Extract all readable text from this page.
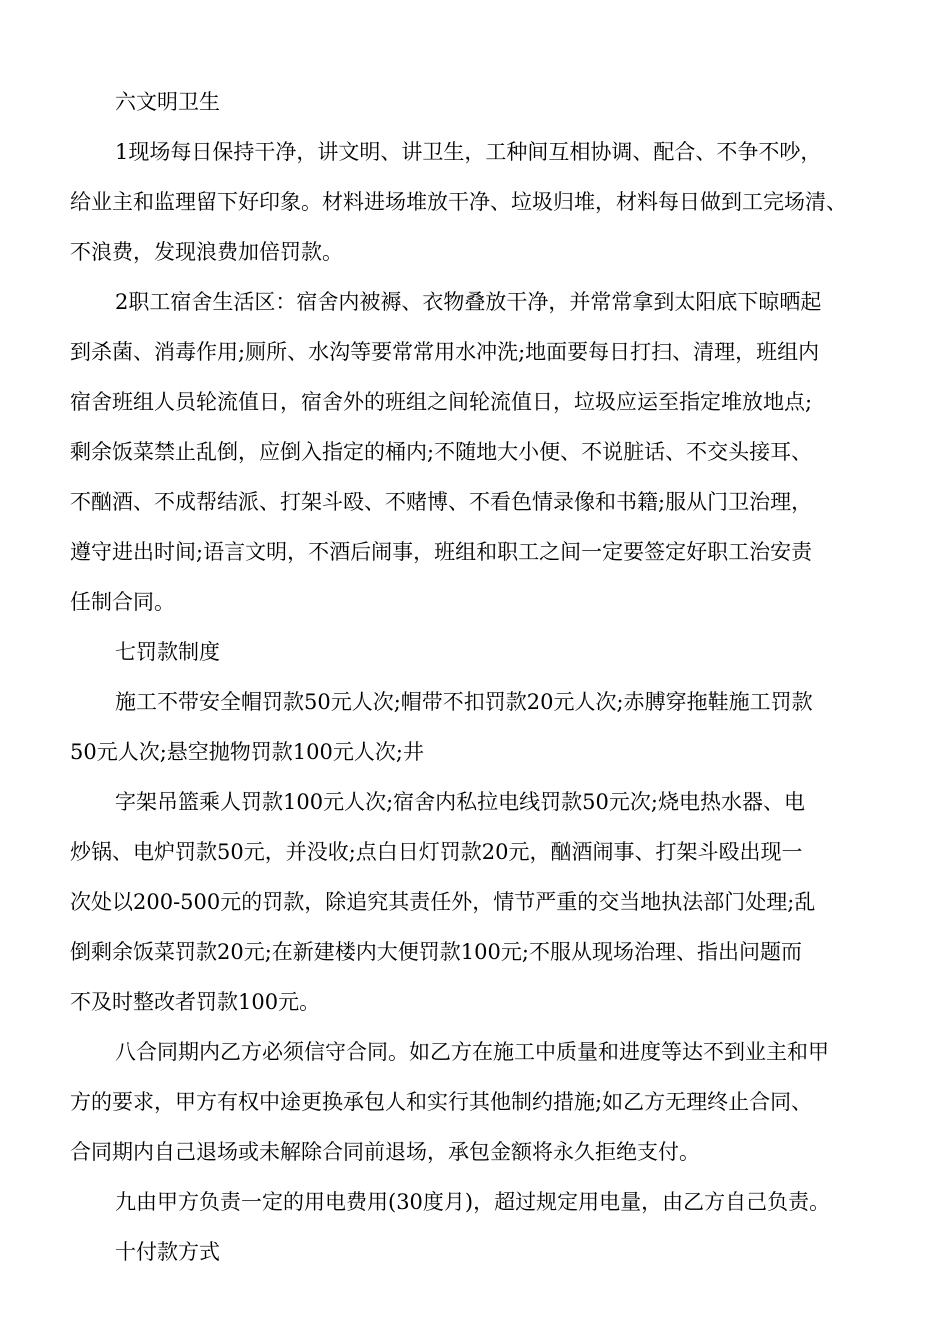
六文明卫生
1现场每日保持干净，讲文明、讲卫生，工种间互相协调、配合、不争不吵，
给业主和监理留下好印象。材料进场堆放干净、垃圾归堆，材料每日做到工完场清、
不浪费，发现浪费加倍罚款。
2职工宿舍生活区：宿舍内被褥、衣物叠放干净，并常常拿到太阳底下晾晒起
到杀菌、消毒作用;厕所、水沟等要常常用水冲洗;地面要每日打扫、清理，班组内
宿舍班组人员轮流值日，宿舍外的班组之间轮流值日，垃圾应运至指定堆放地点;
剩余饭菜禁止乱倒，应倒入指定的桶内;不随地大小便、不说脏话、不交头接耳、
不酗酒、不成帮结派、打架斗殴、不赌博、不看色情录像和书籍;服从门卫治理，
遵守进出时间;语言文明，不酒后闹事，班组和职工之间一定要签定好职工治安责
任制合同。
七罚款制度
施工不带安全帽罚款50元人次;帽带不扣罚款20元人次;赤膊穿拖鞋施工罚款
50元人次;悬空抛物罚款100元人次;井
字架吊篮乘人罚款100元人次;宿舍内私拉电线罚款50元次;烧电热水器、电
炒锅、电炉罚款50元，并没收;点白日灯罚款20元，酗酒闹事、打架斗殴出现一
次处以200-500元的罚款，除追究其责任外，情节严重的交当地执法部门处理;乱
倒剩余饭菜罚款20元;在新建楼内大便罚款100元;不服从现场治理、指出问题而
不及时整改者罚款100元。
八合同期内乙方必须信守合同。如乙方在施工中质量和进度等达不到业主和甲
方的要求，甲方有权中途更换承包人和实行其他制约措施;如乙方无理终止合同、
合同期内自己退场或未解除合同前退场，承包金额将永久拒绝支付。
九由甲方负责一定的用电费用(30度月)，超过规定用电量，由乙方自己负责。
十付款方式
